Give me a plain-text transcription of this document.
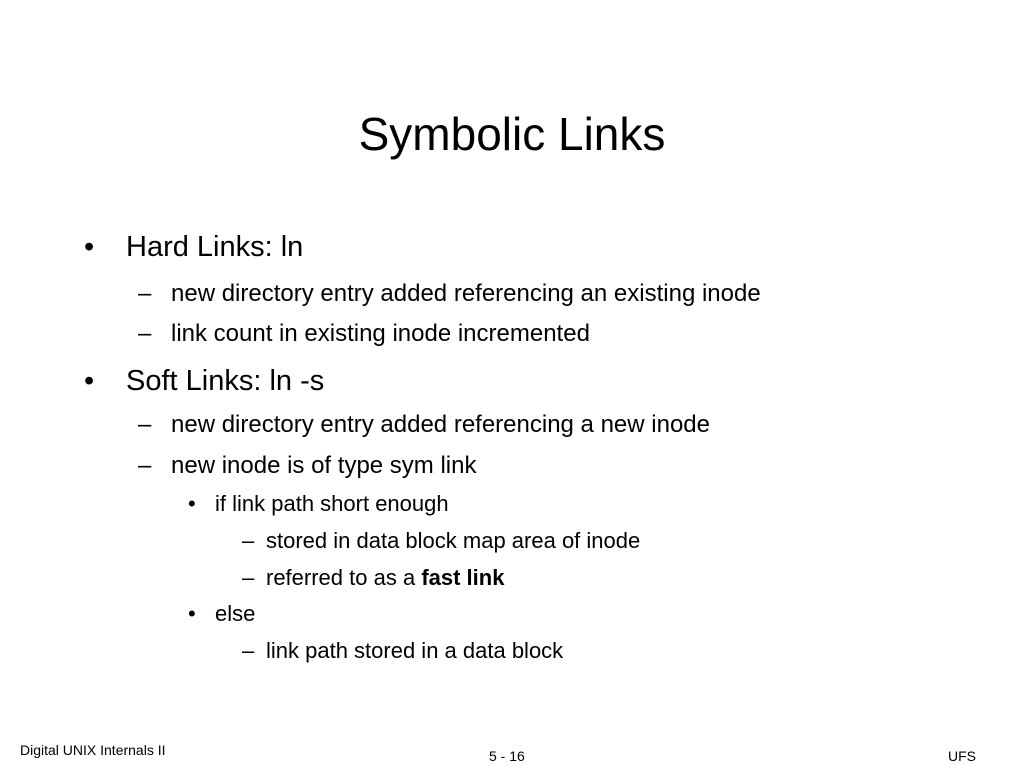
Symbolic Links
• Hard Links: ln
– new directory entry added referencing an existing inode
– link count in existing inode incremented
• Soft Links: ln -s
– new directory entry added referencing a new inode
– new inode is of type sym link
• if link path short enough
– stored in data block map area of inode
– referred to as a fast link
• else
– link path stored in a data block
Digital UNIX Internals II	5 - 16	UFS
